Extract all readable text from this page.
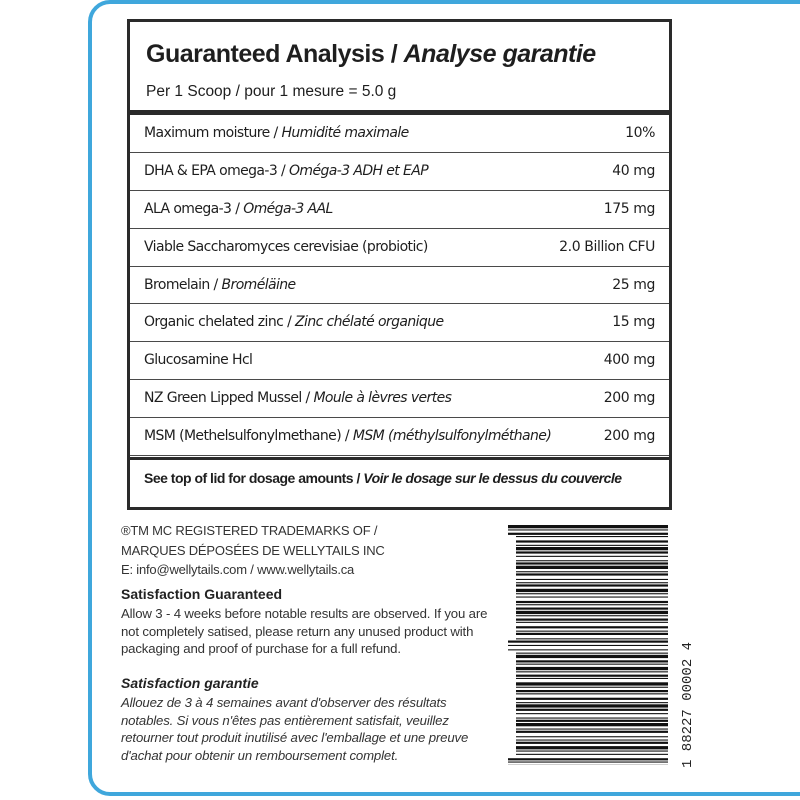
Guaranteed Analysis / Analyse garantie
Per 1 Scoop / pour 1 mesure = 5.0 g
Maximum moisture / Humidité maximale	10%
DHA & EPA omega-3 / Oméga-3 ADH et EAP	40 mg
ALA omega-3 / Oméga-3 AAL	175 mg
Viable Saccharomyces cerevisiae (probiotic)	2.0 Billion CFU
Bromelain / Broméläine	25 mg
Organic chelated zinc / Zinc chélaté organique	15 mg
Glucosamine Hcl	400 mg
NZ Green Lipped Mussel / Moule à lèvres vertes	200 mg
MSM (Methelsulfonylmethane) / MSM (méthylsulfonylméthane)	200 mg
See top of lid for dosage amounts / Voir le dosage sur le dessus du couvercle
®TM MC REGISTERED TRADEMARKS OF /
MARQUES DÉPOSÉES DE WELLYTAILS INC
E: info@wellytails.com / www.wellytails.ca
Satisfaction Guaranteed
Allow 3 - 4 weeks before notable results are observed. If you are not completely satised, please return any unused product with packaging and proof of purchase for a full refund.
Satisfaction garantie
Allouez de 3 à 4 semaines avant d'observer des résultats notables. Si vous n'êtes pas entièrement satisfait, veuillez retourner tout produit inutilisé avec l'emballage et une preuve d'achat pour obtenir un remboursement complet.	1 88227 00002 4
